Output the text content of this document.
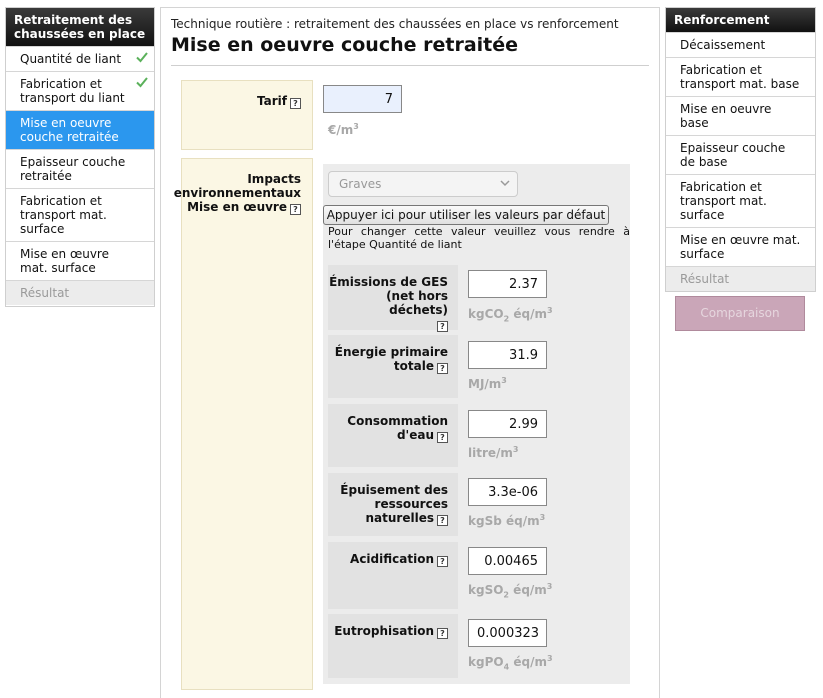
Retraitement des chaussées en place
Quantité de liant
Fabrication et transport du liant
Mise en oeuvre couche retraitée
Epaisseur couche retraitée
Fabrication et transport mat. surface
Mise en œuvre mat. surface
Résultat
Renforcement
Décaissement
Fabrication et transport mat. base
Mise en oeuvre base
Epaisseur couche de base
Fabrication et transport mat. surface
Mise en œuvre mat. surface
Résultat
Comparaison
Technique routière : retraitement des chaussées en place vs renforcement
Mise en oeuvre couche retraitée
Tarif ?
7
$€/m^3$
Impacts
environnementaux
Mise en œuvre ?
Graves
Appuyer ici pour utiliser les valeurs par défaut
Pour changer cette valeur veuillez vous rendre à l'étape Quantité de liant
Émissions de GES
(net hors déchets)
?
2.37
kgCO$_2$ $éq/m^3$
Énergie primaire
totale ?
31.9
$MJ/m^3$
Consommation
d'eau ?
2.99
litre/$m^3$
Épuisement des
ressources
naturelles ?
3.3e-06 kgSb $éq/m^3$
Acidification ?
0.00465
kgSO$_2$ $éq/m^3$
Eutrophisation ?
0.000323
kgPO$_4$ $éq/m^3$
